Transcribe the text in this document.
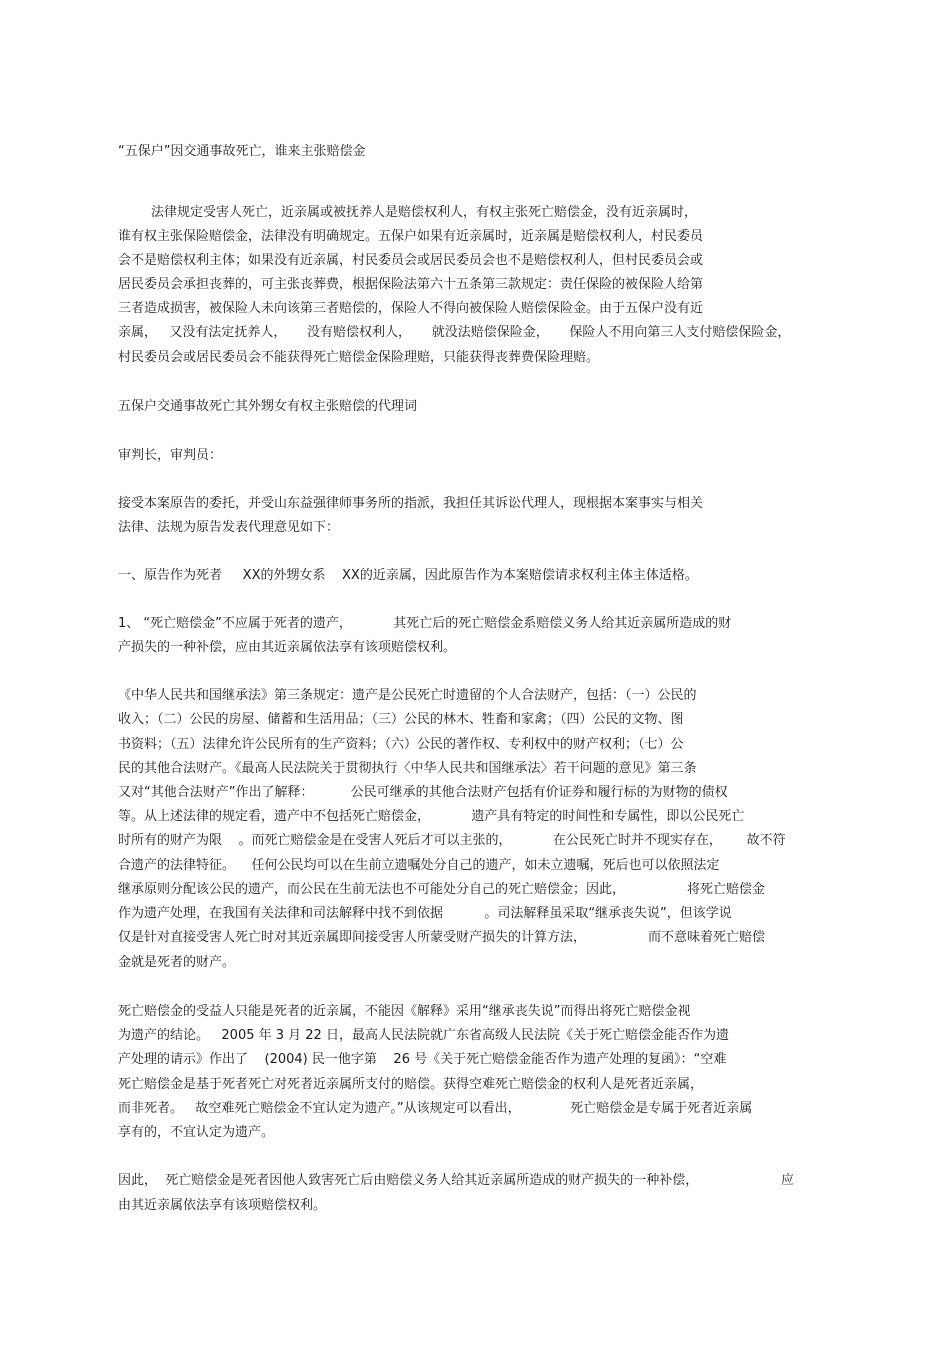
“五保户”因交通事故死亡，谁来主张赔偿金

法律规定受害人死亡，近亲属或被抚养人是赔偿权利人，有权主张死亡赔偿金，没有近亲属时，

谁有权主张保险赔偿金，法律没有明确规定。五保户如果有近亲属时，近亲属是赔偿权利人，村民委员

会不是赔偿权利主体；如果没有近亲属，村民委员会或居民委员会也不是赔偿权利人，但村民委员会或

居民委员会承担丧葬的，可主张丧葬费，根据保险法第六十五条第三款规定：责任保险的被保险人给第

三者造成损害，被保险人未向该第三者赔偿的，保险人不得向被保险人赔偿保险金。由于五保户没有近

亲属，   又没有法定抚养人，     没有赔偿权利人，     就没法赔偿保险金，     保险人不用向第三人支付赔偿保险金，

村民委员会或居民委员会不能获得死亡赔偿金保险理赔，只能获得丧葬费保险理赔。

五保户交通事故死亡其外甥女有权主张赔偿的代理词

审判长，审判员：

接受本案原告的委托，并受山东益强律师事务所的指派，我担任其诉讼代理人，现根据本案事实与相关

法律、法规为原告发表代理意见如下：

一、原告作为死者     XX的外甥女系    XX的近亲属，因此原告作为本案赔偿请求权利主体主体适格。

1、 “死亡赔偿金”不应属于死者的遗产，          其死亡后的死亡赔偿金系赔偿义务人给其近亲属所造成的财

产损失的一种补偿，应由其近亲属依法享有该项赔偿权利。

《中华人民共和国继承法》第三条规定：遗产是公民死亡时遗留的个人合法财产，包括：（一）公民的

收入；（二）公民的房屋、储蓄和生活用品；（三）公民的林木、牲畜和家禽；（四）公民的文物、图

书资料；（五）法律允许公民所有的生产资料；（六）公民的著作权、专利权中的财产权利；（七）公

民的其他合法财产。《最高人民法院关于贯彻执行〈中华人民共和国继承法〉若干问题的意见》第三条

又对“其他合法财产”作出了解释：         公民可继承的其他合法财产包括有价证券和履行标的为财物的债权

等。从上述法律的规定看，遗产中不包括死亡赔偿金，          遗产具有特定的时间性和专属性，即以公民死亡

时所有的财产为限    。而死亡赔偿金是在受害人死后才可以主张的，          在公民死亡时并不现实存在，      故不符

合遗产的法律特征。    任何公民均可以在生前立遗嘱处分自己的遗产，如未立遗嘱，死后也可以依照法定

继承原则分配该公民的遗产，而公民在生前无法也不可能处分自己的死亡赔偿金；因此，               将死亡赔偿金

作为遗产处理，在我国有关法律和司法解释中找不到依据          。司法解释虽采取“继承丧失说”，但该学说

仅是针对直接受害人死亡时对其近亲属即间接受害人所蒙受财产损失的计算方法，               而不意味着死亡赔偿

金就是死者的财产。

死亡赔偿金的受益人只能是死者的近亲属，不能因《解释》采用“继承丧失说”而得出将死亡赔偿金视

为遗产的结论。   2005 年 3 月 22 日，最高人民法院就广东省高级人民法院《关于死亡赔偿金能否作为遗

产处理的请示》作出了    (2004) 民一他字第    26 号《关于死亡赔偿金能否作为遗产处理的复函》：“空难

死亡赔偿金是基于死者死亡对死者近亲属所支付的赔偿。获得空难死亡赔偿金的权利人是死者近亲属，

而非死者。   故空难死亡赔偿金不宜认定为遗产。”从该规定可以看出，            死亡赔偿金是专属于死者近亲属

享有的，不宜认定为遗产。

因此，  死亡赔偿金是死者因他人致害死亡后由赔偿义务人给其近亲属所造成的财产损失的一种补偿，                    应

由其近亲属依法享有该项赔偿权利。
